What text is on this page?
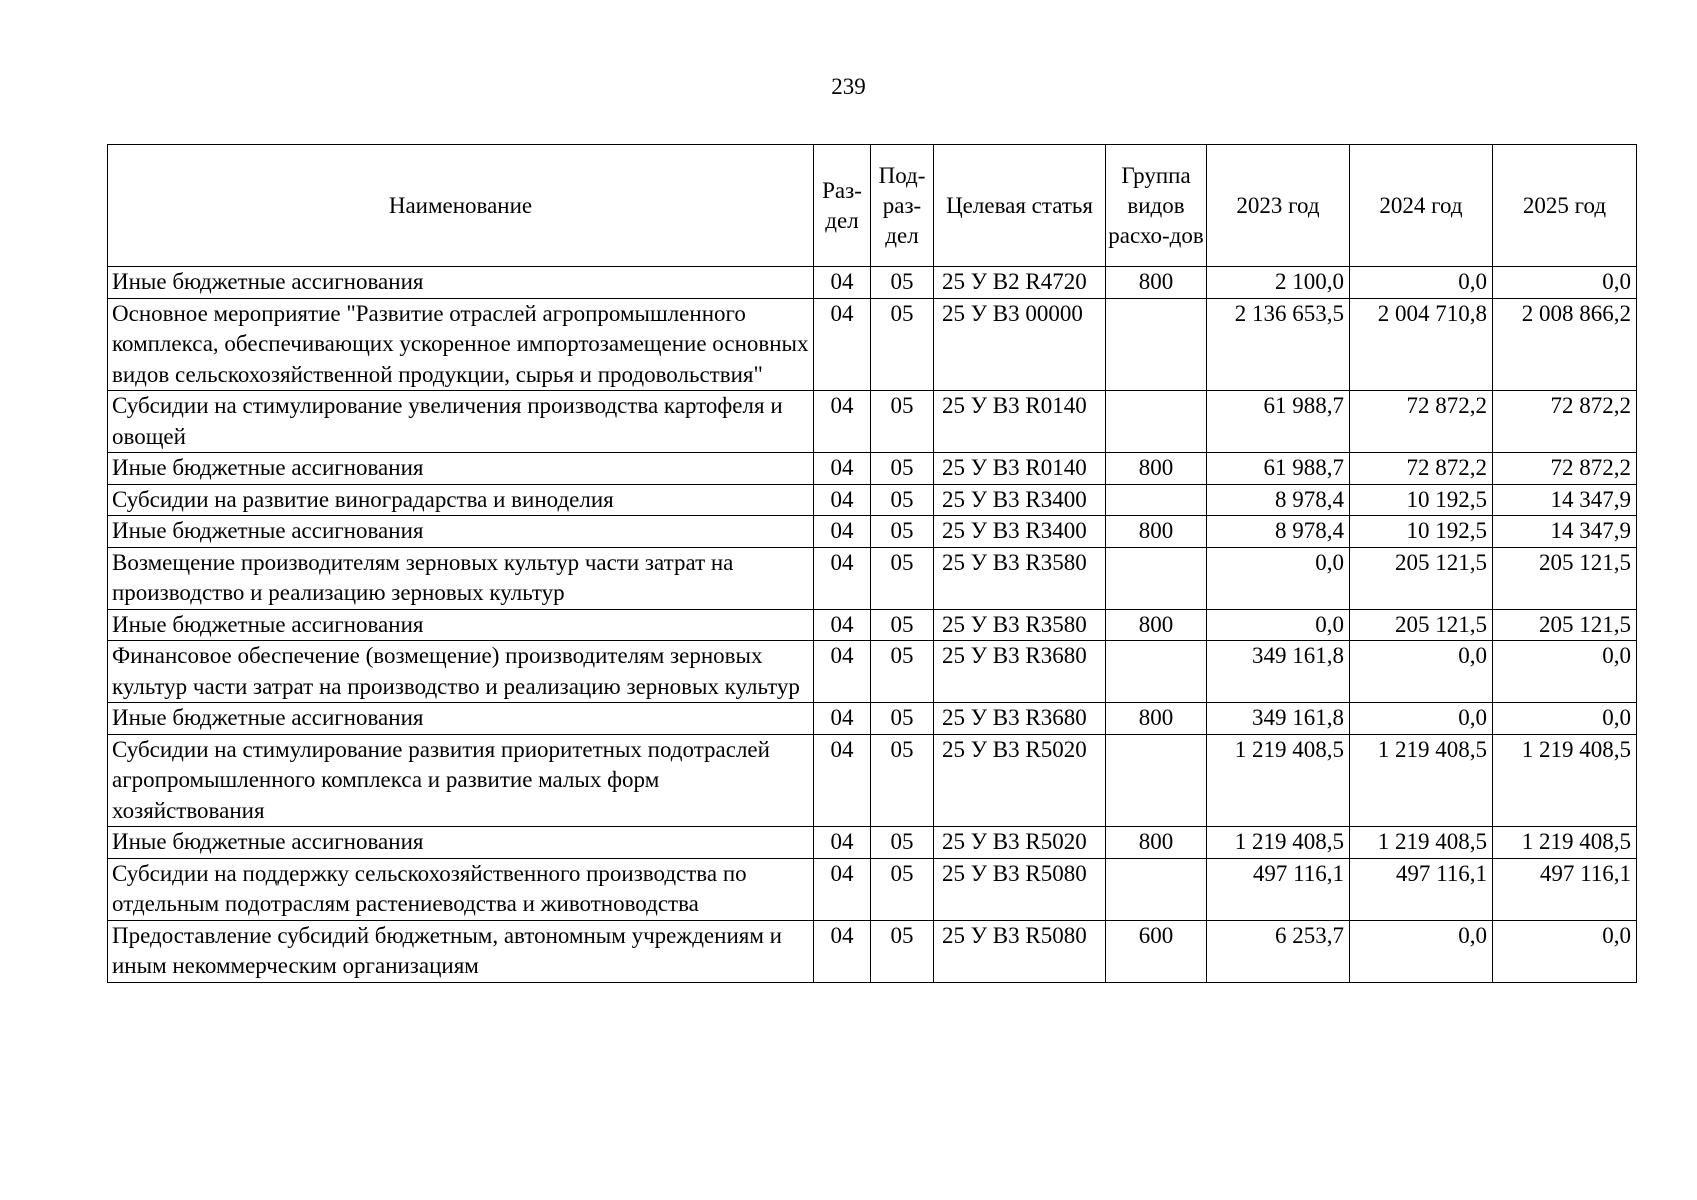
239
Наименование	Раз-дел	Под-раз-дел	Целевая статья	Группа видов расхо-дов	2023 год	2024 год	2025 год
Иные бюджетные ассигнования	04	05	25 У В2 R4720	800	2 100,0	0,0	0,0
Основное мероприятие "Развитие отраслей агропромышленного комплекса, обеспечивающих ускоренное импортозамещение основных видов сельскохозяйственной продукции, сырья и продовольствия"	04	05	25 У В3 00000		2 136 653,5	2 004 710,8	2 008 866,2
Субсидии на стимулирование увеличения производства картофеля и овощей	04	05	25 У В3 R0140		61 988,7	72 872,2	72 872,2
Иные бюджетные ассигнования	04	05	25 У В3 R0140	800	61 988,7	72 872,2	72 872,2
Субсидии на развитие виноградарства и виноделия	04	05	25 У В3 R3400		8 978,4	10 192,5	14 347,9
Иные бюджетные ассигнования	04	05	25 У В3 R3400	800	8 978,4	10 192,5	14 347,9
Возмещение производителям зерновых культур части затрат на производство и реализацию зерновых культур	04	05	25 У В3 R3580		0,0	205 121,5	205 121,5
Иные бюджетные ассигнования	04	05	25 У В3 R3580	800	0,0	205 121,5	205 121,5
Финансовое обеспечение (возмещение) производителям зерновых культур части затрат на производство и реализацию зерновых культур	04	05	25 У В3 R3680		349 161,8	0,0	0,0
Иные бюджетные ассигнования	04	05	25 У В3 R3680	800	349 161,8	0,0	0,0
Субсидии на стимулирование развития приоритетных подотраслей агропромышленного комплекса и развитие малых форм хозяйствования	04	05	25 У В3 R5020		1 219 408,5	1 219 408,5	1 219 408,5
Иные бюджетные ассигнования	04	05	25 У В3 R5020	800	1 219 408,5	1 219 408,5	1 219 408,5
Субсидии на поддержку сельскохозяйственного производства по отдельным подотраслям растениеводства и животноводства	04	05	25 У В3 R5080		497 116,1	497 116,1	497 116,1
Предоставление субсидий бюджетным, автономным учреждениям и иным некоммерческим организациям	04	05	25 У В3 R5080	600	6 253,7	0,0	0,0
